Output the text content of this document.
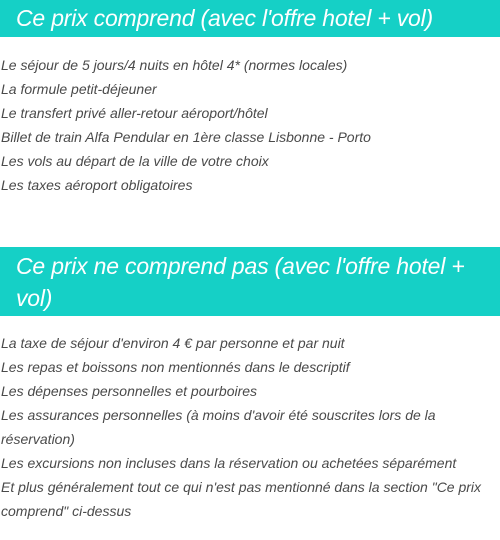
Ce prix comprend (avec l'offre hotel + vol)
Le séjour de 5 jours/4 nuits en hôtel 4* (normes locales)
La formule petit-déjeuner
Le transfert privé aller-retour aéroport/hôtel
Billet de train Alfa Pendular en 1ère classe Lisbonne - Porto
Les vols au départ de la ville de votre choix
Les taxes aéroport obligatoires
Ce prix ne comprend pas (avec l'offre hotel + vol)
La taxe de séjour d'environ 4 € par personne et par nuit
Les repas et boissons non mentionnés dans le descriptif
Les dépenses personnelles et pourboires
Les assurances personnelles (à moins d'avoir été souscrites lors de la réservation)
Les excursions non incluses dans la réservation ou achetées séparément
Et plus généralement tout ce qui n'est pas mentionné dans la section "Ce prix comprend" ci-dessus
